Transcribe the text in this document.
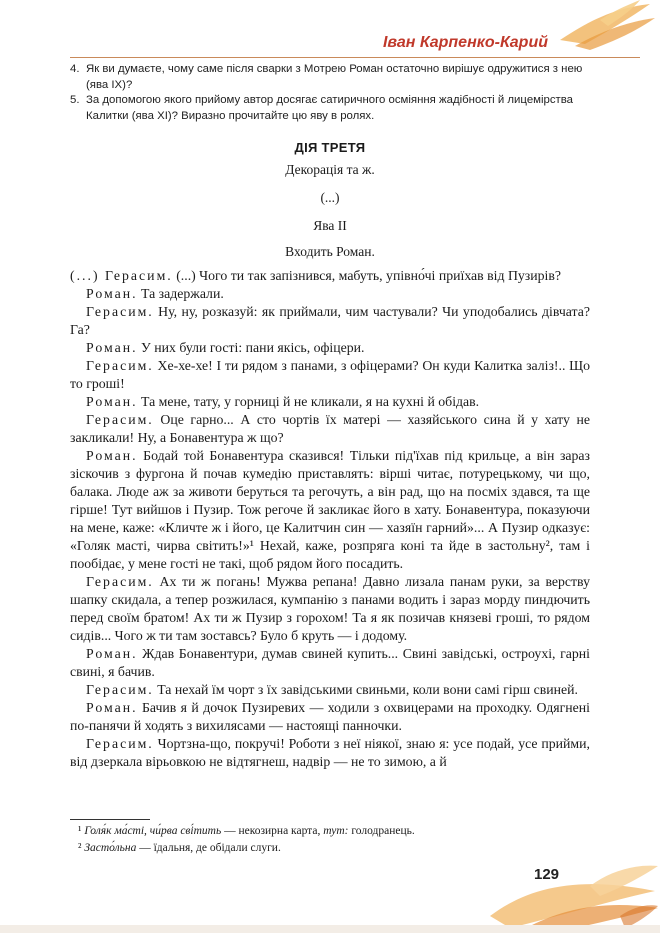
Іван Карпенко-Карий
4. Як ви думаєте, чому саме після сварки з Мотрею Роман остаточно вирішує одружитися з нею (ява IX)?
5. За допомогою якого прийому автор досягає сатиричного осміяння жадібності й лицемірства Калитки (ява XI)? Виразно прочитайте цю яву в ролях.
ДІЯ ТРЕТЯ
Декорація та ж.
(...)
Ява II
Входить Роман.

(...) Герасим. (...) Чого ти так запізнився, мабуть, упівно́чі приїхав від Пузирів?

Роман. Та задержали.

Герасим. Ну, ну, розказуй: як приймали, чим частували? Чи уподобались дівчата? Га?

Роман. У них були гості: пани якісь, офіцери.

Герасим. Хе-хе-хе! І ти рядом з панами, з офіцерами? Он куди Калитка заліз!.. Що то гроші!

Роман. Та мене, тату, у горниці й не кликали, я на кухні й обідав.

Герасим. Оце гарно... А сто чортів їх матері — хазяйського сина й у хату не закликали! Ну, а Бонавентура ж що?

Роман. Бодай той Бонавентура сказився! Тільки під'їхав під крильце, а він зараз зіскочив з фургона й почав кумедію приставлять: вірші читає, потурецькому, чи що, балака. Люде аж за животи беруться та регочуть, а він рад, що на посміх здався, та ще гірше! Тут вийшов і Пузир. Тож регоче й закликає його в хату. Бонавентура, показуючи на мене, каже: «Кличте ж і його, це Калитчин син — хазяїн гарний»... А Пузир одказує: «Голяк масті, чирва світить!»¹ Нехай, каже, розпряга коні та йде в застольну², там і пообідає, у мене гості не такі, щоб рядом його посадить.

Герасим. Ах ти ж погань! Мужва репана! Давно лизала панам руки, за верству шапку скидала, а тепер розжилася, кумпанію з панами водить і зараз морду пиндючить перед своїм братом! Ах ти ж Пузир з горохом! Та я як позичав князеві гроші, то рядом сидів... Чого ж ти там зоставсь? Було б круть — і додому.

Роман. Ждав Бонавентури, думав свиней купить... Свині завідські, остроухі, гарні свині, я бачив.

Герасим. Та нехай їм чорт з їх завідськими свиньми, коли вони самі гірш свиней.

Роман. Бачив я й дочок Пузиревих — ходили з охвицерами на проходку. Одягнені по-панячи й ходять з вихилясами — настоящі панночки.

Герасим. Чортзна-що, покручі! Роботи з неї ніякої, знаю я: усе подай, усе прийми, від дзеркала вірьовкою не відтягнеш, надвір — не то зимою, а й

¹ Голя́к ма́сті, чи́рва сві́тить — некозирна карта, тут: голодранець.

² Засто́льна — їдальня, де обідали слуги.

129
